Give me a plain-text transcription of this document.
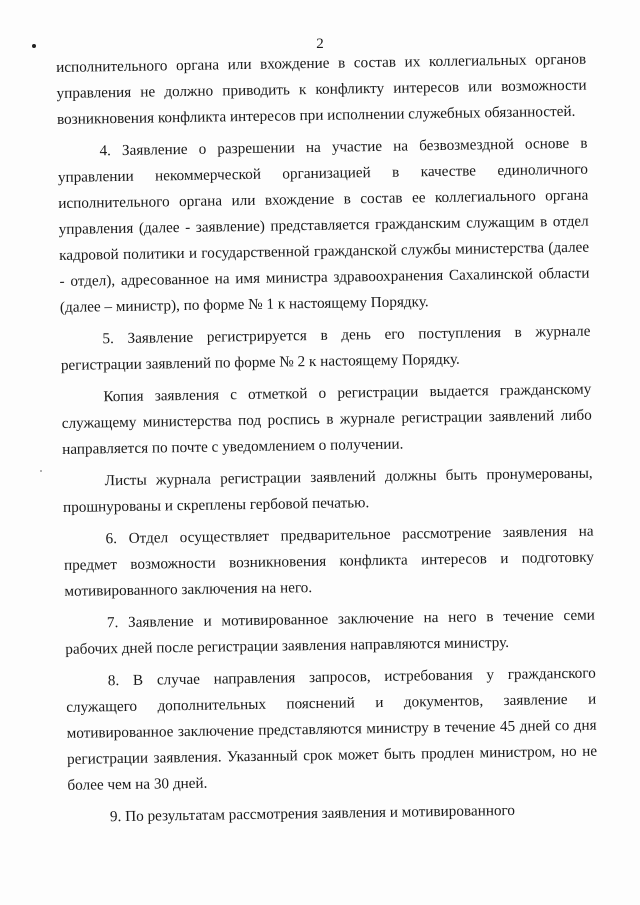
2

исполнительного органа или вхождение в состав их коллегиальных органов управления не должно приводить к конфликту интересов или возможности возникновения конфликта интересов при исполнении служебных обязанностей.

4. Заявление о разрешении на участие на безвозмездной основе в управлении некоммерческой организацией в качестве единоличного исполнительного органа или вхождение в состав ее коллегиального органа управления (далее - заявление) представляется гражданским служащим в отдел кадровой политики и государственной гражданской службы министерства (далее - отдел), адресованное на имя министра здравоохранения Сахалинской области (далее – министр), по форме № 1 к настоящему Порядку.

5. Заявление регистрируется в день его поступления в журнале регистрации заявлений по форме № 2 к настоящему Порядку.

Копия заявления с отметкой о регистрации выдается гражданскому служащему министерства под роспись в журнале регистрации заявлений либо направляется по почте с уведомлением о получении.

Листы журнала регистрации заявлений должны быть пронумерованы, прошнурованы и скреплены гербовой печатью.

6. Отдел осуществляет предварительное рассмотрение заявления на предмет возможности возникновения конфликта интересов и подготовку мотивированного заключения на него.

7. Заявление и мотивированное заключение на него в течение семи рабочих дней после регистрации заявления направляются министру.

8. В случае направления запросов, истребования у гражданского служащего дополнительных пояснений и документов, заявление и мотивированное заключение представляются министру в течение 45 дней со дня регистрации заявления. Указанный срок может быть продлен министром, но не более чем на 30 дней.

9. По результатам рассмотрения заявления и мотивированного
